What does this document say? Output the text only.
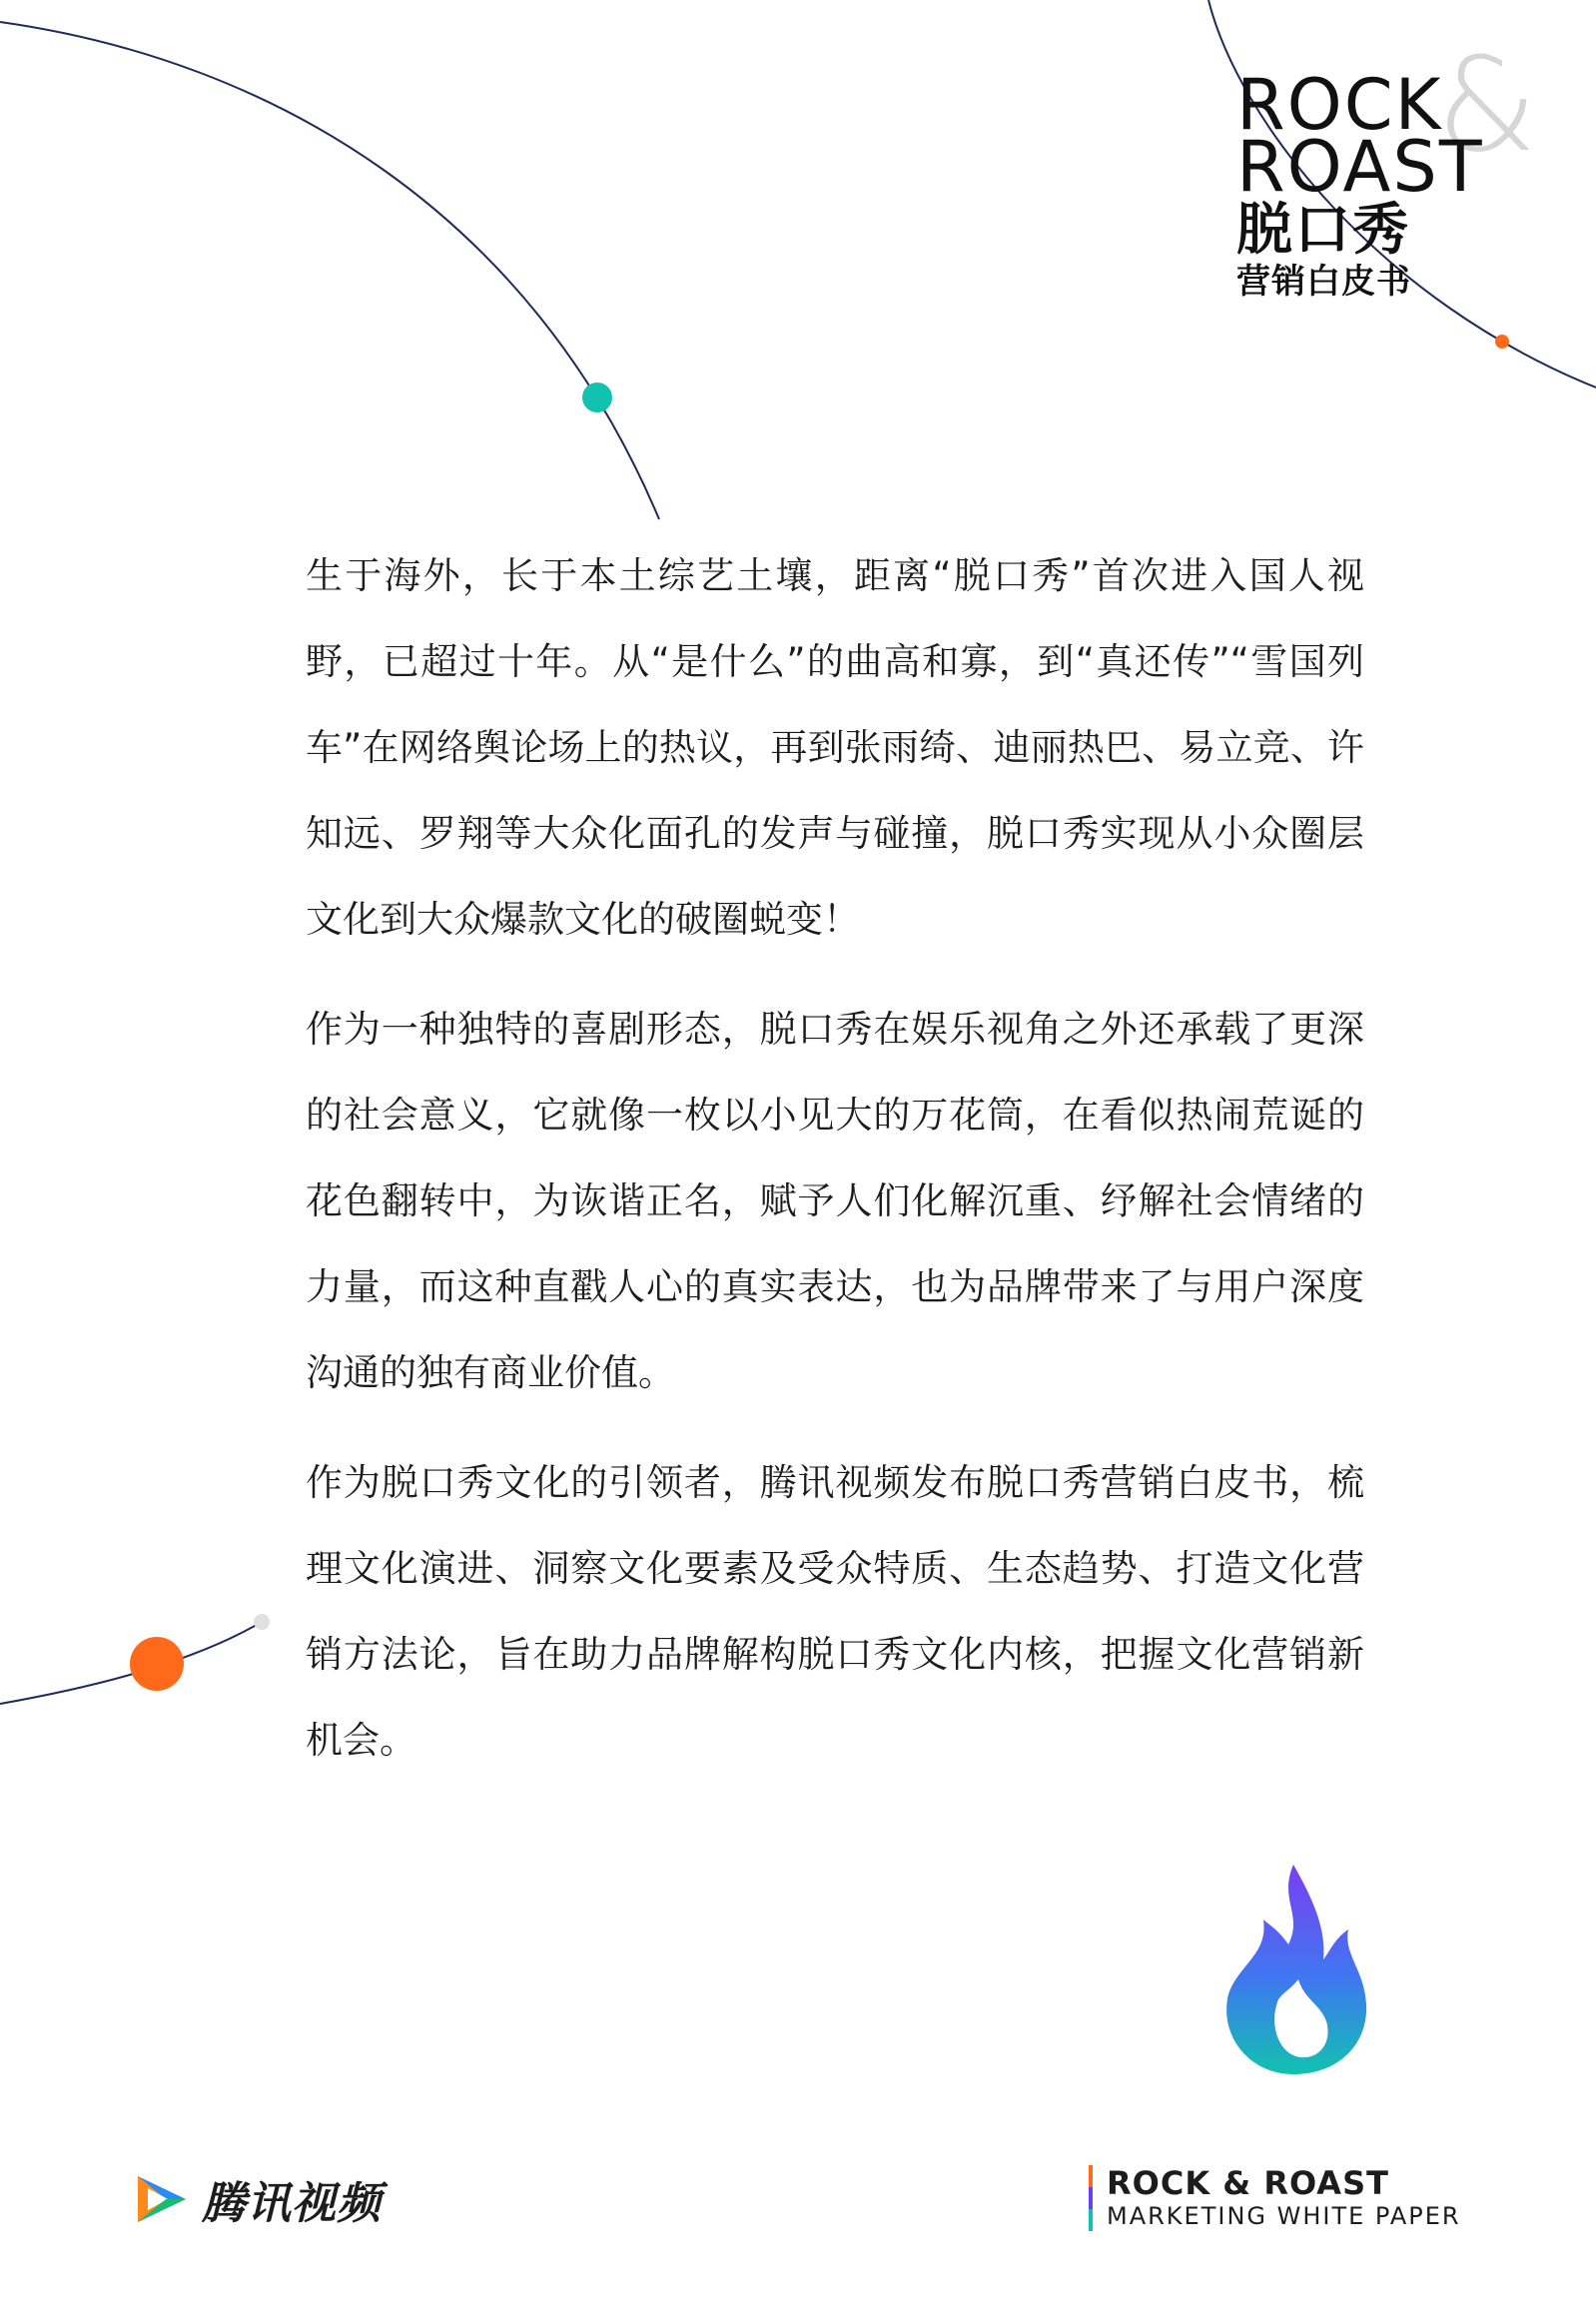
&
ROCK
ROAST
脱口秀
营销白皮书

生于海外，长于本土综艺土壤，距离“脱口秀”首次进入国人视野，已超过十年。从“是什么”的曲高和寡，到“真还传”“雪国列车”在网络舆论场上的热议，再到张雨绮、迪丽热巴、易立竞、许知远、罗翔等大众化面孔的发声与碰撞，脱口秀实现从小众圈层文化到大众爆款文化的破圈蜕变！

作为一种独特的喜剧形态，脱口秀在娱乐视角之外还承载了更深的社会意义，它就像一枚以小见大的万花筒，在看似热闹荒诞的花色翻转中，为诙谐正名，赋予人们化解沉重、纾解社会情绪的力量，而这种直戳人心的真实表达，也为品牌带来了与用户深度沟通的独有商业价值。

作为脱口秀文化的引领者，腾讯视频发布脱口秀营销白皮书，梳理文化演进、洞察文化要素及受众特质、生态趋势、打造文化营销方法论，旨在助力品牌解构脱口秀文化内核，把握文化营销新机会。

腾讯视频	ROCK & ROAST
MARKETING WHITE PAPER
